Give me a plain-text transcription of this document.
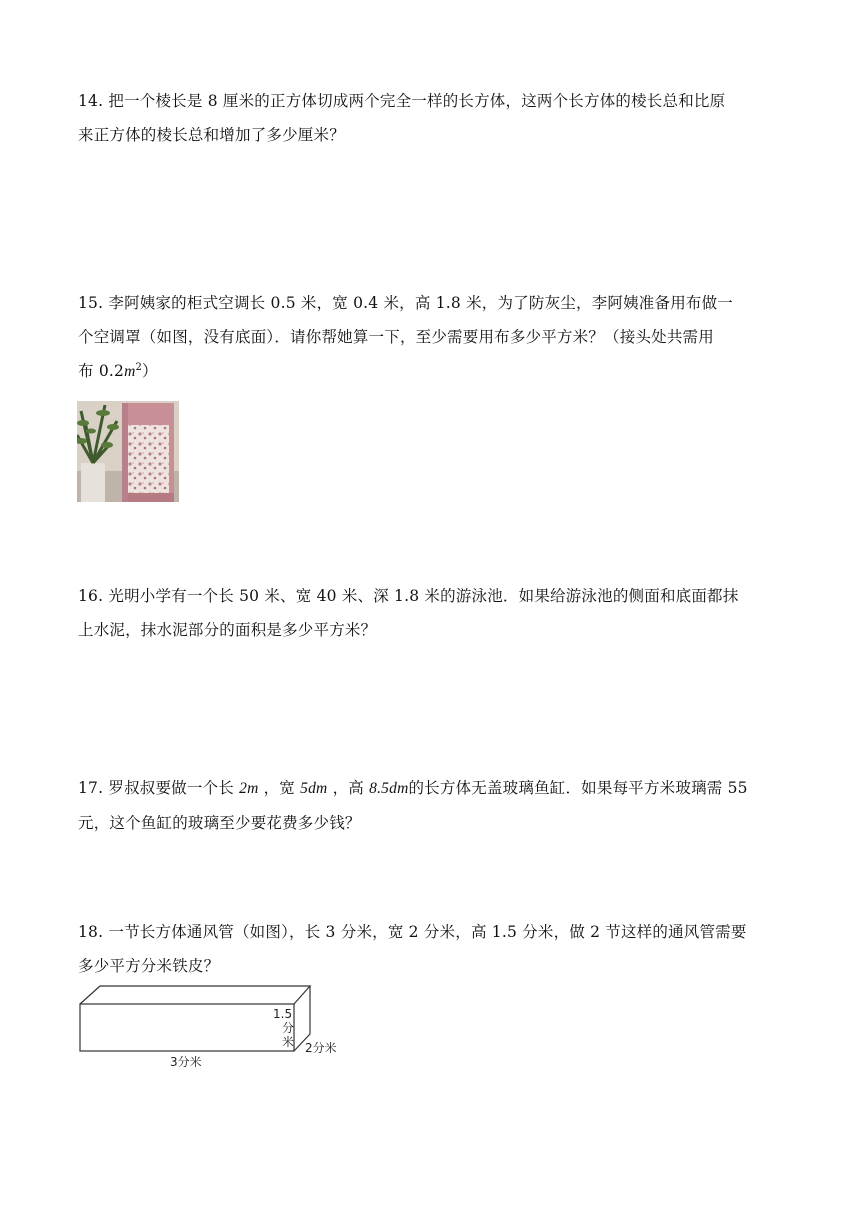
14. 把一个棱长是 8 厘米的正方体切成两个完全一样的长方体，这两个长方体的棱长总和比原
来正方体的棱长总和增加了多少厘米？
15. 李阿姨家的柜式空调长 0.5 米，宽 0.4 米，高 1.8 米，为了防灰尘，李阿姨准备用布做一
个空调罩（如图，没有底面）．请你帮她算一下，至少需要用布多少平方米？（接头处共需用
布 $0.2m^2$）
16. 光明小学有一个长 50 米、宽 40 米、深 1.8 米的游泳池．如果给游泳池的侧面和底面都抹
上水泥，抹水泥部分的面积是多少平方米？
17. 罗叔叔要做一个长 2m ，宽 5dm ，高 8.5dm的长方体无盖玻璃鱼缸．如果每平方米玻璃需 55
元，这个鱼缸的玻璃至少要花费多少钱？
18. 一节长方体通风管（如图），长 3 分米，宽 2 分米，高 1.5 分米，做 2 节这样的通风管需要
多少平方分米铁皮？
1.5
分
米 2分米
3分米
